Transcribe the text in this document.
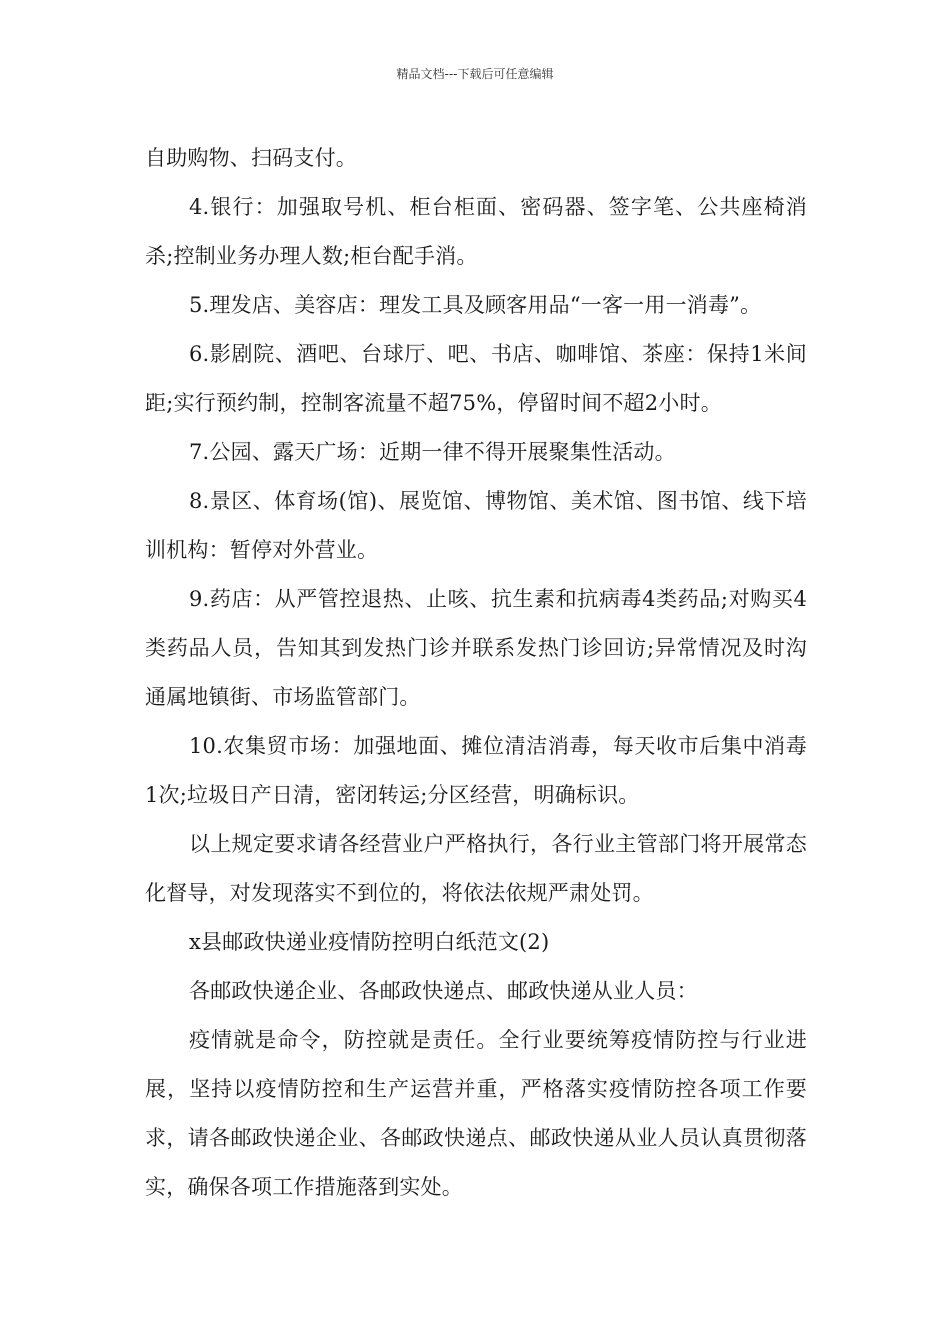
精品文档---下载后可任意编辑

自助购物、扫码支付。

4.银行：加强取号机、柜台柜面、密码器、签字笔、公共座椅消杀;控制业务办理人数;柜台配手消。

5.理发店、美容店：理发工具及顾客用品“一客一用一消毒”。

6.影剧院、酒吧、台球厅、吧、书店、咖啡馆、茶座：保持1米间距;实行预约制，控制客流量不超75%，停留时间不超2小时。

7.公园、露天广场：近期一律不得开展聚集性活动。

8.景区、体育场(馆)、展览馆、博物馆、美术馆、图书馆、线下培训机构：暂停对外营业。

9.药店：从严管控退热、止咳、抗生素和抗病毒4类药品;对购买4类药品人员，告知其到发热门诊并联系发热门诊回访;异常情况及时沟通属地镇街、市场监管部门。

10.农集贸市场：加强地面、摊位清洁消毒，每天收市后集中消毒1次;垃圾日产日清，密闭转运;分区经营，明确标识。

以上规定要求请各经营业户严格执行，各行业主管部门将开展常态化督导，对发现落实不到位的，将依法依规严肃处罚。

x县邮政快递业疫情防控明白纸范文(2)

各邮政快递企业、各邮政快递点、邮政快递从业人员：

疫情就是命令，防控就是责任。全行业要统筹疫情防控与行业进展，坚持以疫情防控和生产运营并重，严格落实疫情防控各项工作要求，请各邮政快递企业、各邮政快递点、邮政快递从业人员认真贯彻落实，确保各项工作措施落到实处。
